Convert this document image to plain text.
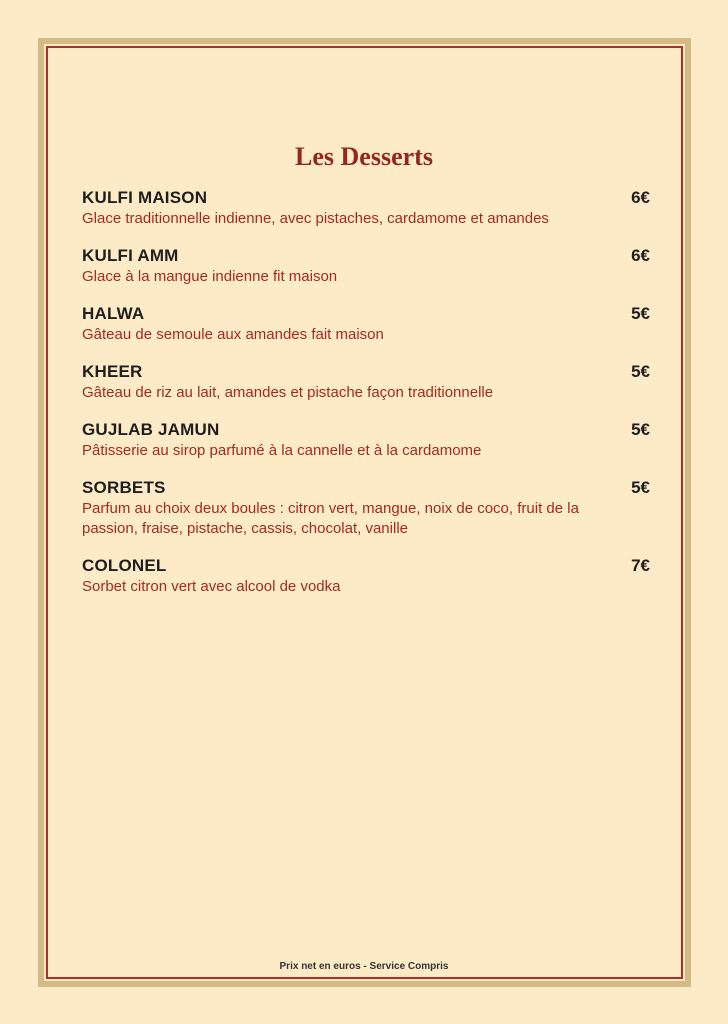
Les Desserts
KULFI MAISON	6€
Glace traditionnelle indienne, avec pistaches, cardamome et amandes
KULFI AMM	6€
Glace à la mangue indienne fit maison
HALWA	5€
Gâteau de semoule aux amandes fait maison
KHEER	5€
Gâteau de riz au lait, amandes et pistache façon traditionnelle
GUJLAB JAMUN	5€
Pâtisserie au sirop parfumé à la cannelle et à la cardamome
SORBETS	5€
Parfum au choix deux boules : citron vert, mangue, noix de coco, fruit de la passion, fraise, pistache, cassis, chocolat, vanille
COLONEL	7€
Sorbet citron vert avec alcool de vodka
Prix net en euros - Service Compris
